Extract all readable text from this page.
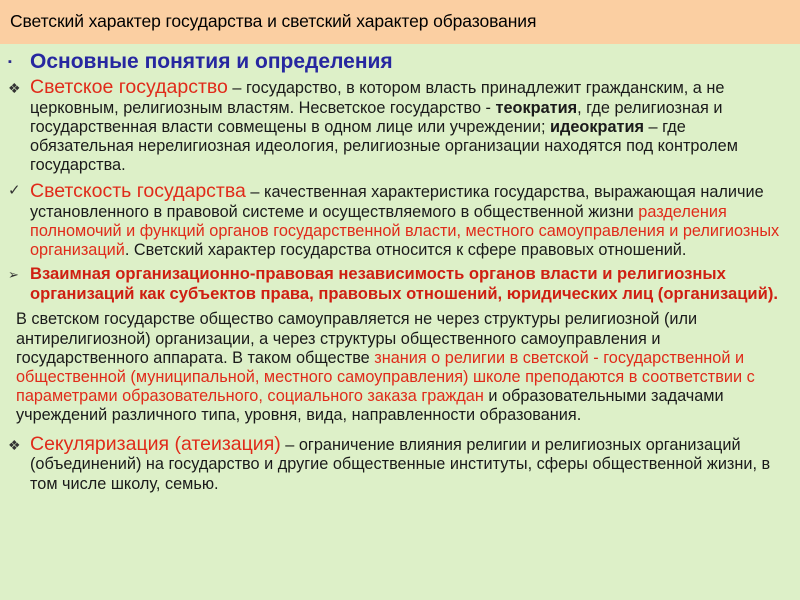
Светский характер государства и светский характер образования
▪ Основные понятия и определения
❖ Светское государство – государство, в котором власть принадлежит гражданским, а не церковным, религиозным властям. Несветское государство - теократия, где религиозная и государственная власти совмещены в одном лице или учреждении; идеократия – где обязательная нерелигиозная идеология, религиозные организации находятся под контролем государства.
✓ Светскость государства – качественная характеристика государства, выражающая наличие установленного в правовой системе и осуществляемого в общественной жизни разделения полномочий и функций органов государственной власти, местного самоуправления и религиозных организаций. Светский характер государства относится к сфере правовых отношений.
➢ Взаимная организационно-правовая независимость органов власти и религиозных организаций как субъектов права, правовых отношений, юридических лиц (организаций).
В светском государстве общество самоуправляется не через структуры религиозной (или антирелигиозной) организации, а через структуры общественного самоуправления и государственного аппарата. В таком обществе знания о религии в светской - государственной и общественной (муниципальной, местного самоуправления) школе преподаются в соответствии с параметрами образовательного, социального заказа граждан и образовательными задачами учреждений различного типа, уровня, вида, направленности образования.
❖ Секуляризация (атеизация) – ограничение влияния религии и религиозных организаций (объединений) на государство и другие общественные институты, сферы общественной жизни, в том числе школу, семью.
